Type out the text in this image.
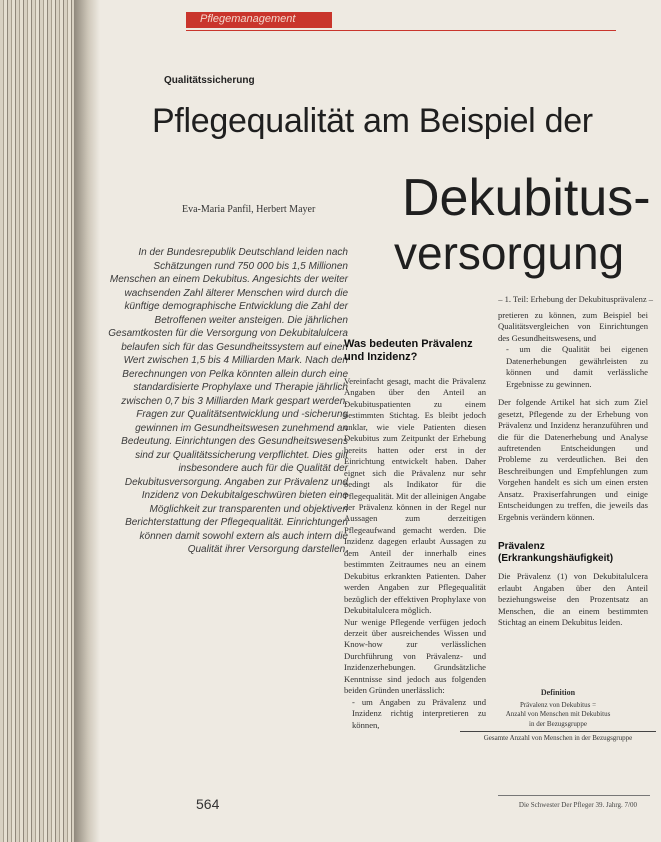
Pflegemanagement
Qualitätssicherung
Pflegequalität am Beispiel der
Eva-Maria Panfil, Herbert Mayer Dekubitus-
versorgung
– 1. Teil: Erhebung der Dekubitusprävalenz –
In der Bundesrepublik Deutschland leiden nach Schätzungen rund 750 000 bis 1,5 Millionen Menschen an einem Dekubitus. Angesichts der weiter wachsenden Zahl älterer Menschen wird durch die künftige demographische Entwicklung die Zahl der Betroffenen weiter ansteigen. Die jährlichen Gesamtkosten für die Versorgung von Dekubitalulcera belaufen sich für das Gesundheitssystem auf einen Wert zwischen 1,5 bis 4 Milliarden Mark. Nach den Berechnungen von Pelka könnten allein durch eine standardisierte Prophylaxe und Therapie jährlich zwischen 0,7 bis 3 Milliarden Mark gespart werden. Fragen zur Qualitätsentwicklung und -sicherung gewinnen im Gesundheitswesen zunehmend an Bedeutung. Einrichtungen des Gesundheitswesens sind zur Qualitätssicherung verpflichtet. Dies gilt insbesondere auch für die Qualität der Dekubitusversorgung. Angaben zur Prävalenz und Inzidenz von Dekubitalgeschwüren bieten eine Möglichkeit zur transparenten und objektiven Berichterstattung der Pflegequalität. Einrichtungen können damit sowohl extern als auch intern die Qualität ihrer Versorgung darstellen.
Was bedeuten Prävalenz und Inzidenz?

Vereinfacht gesagt, macht die Prävalenz Angaben über den Anteil an Dekubituspatienten zu einem bestimmten Stichtag. Es bleibt jedoch unklar, wie viele Patienten diesen Dekubitus zum Zeitpunkt der Erhebung bereits hatten oder erst in der Einrichtung entwickelt haben. Daher eignet sich die Prävalenz nur sehr bedingt als Indikator für die Pflegequalität. Mit der alleinigen Angabe der Prävalenz können in der Regel nur Aussagen zum derzeitigen Pflegeaufwand gemacht werden. Die Inzidenz dagegen erlaubt Aussagen zu dem Anteil der innerhalb eines bestimmten Zeitraumes neu an einem Dekubitus erkrankten Patienten. Daher werden Angaben zur Pflegequalität bezüglich der effektiven Prophylaxe von Dekubitalulcera möglich.

Nur wenige Pflegende verfügen jedoch derzeit über ausreichendes Wissen und Know-how zur verlässlichen Durchführung von Prävalenz- und Inzidenzerhebungen. Grundsätzliche Kenntnisse sind jedoch aus folgenden beiden Gründen unerlässlich:

- um Angaben zu Prävalenz und Inzidenz richtig interpretieren zu können,

pretieren zu können, zum Beispiel bei Qualitätsvergleichen von Einrichtungen des Gesundheitswesens, und

- um die Qualität bei eigenen Datenerhebungen gewährleisten zu können und damit verlässliche Ergebnisse zu gewinnen.

Der folgende Artikel hat sich zum Ziel gesetzt, Pflegende zu der Erhebung von Prävalenz und Inzidenz heranzuführen und die für die Datenerhebung und Analyse auftretenden Entscheidungen und Probleme zu verdeutlichen. Bei den Beschreibungen und Empfehlungen zum Vorgehen handelt es sich um einen ersten Ansatz. Praxiserfahrungen und einige Entscheidungen zu treffen, die jeweils das Ergebnis verändern können.

Prävalenz (Erkrankungshäufigkeit)

Die Prävalenz (1) von Dekubitalulcera erlaubt Angaben über den Anteil beziehungsweise den Prozentsatz an Menschen, die an einem bestimmten Stichtag an einem Dekubitus leiden.

Definition
Prävalenz von Dekubitus =
Anzahl von Menschen mit Dekubitus
in der Bezugsgruppe
Gesamte Anzahl von Menschen in der Bezugsgruppe
564	Die Schwester Der Pfleger 39. Jahrg. 7/00
